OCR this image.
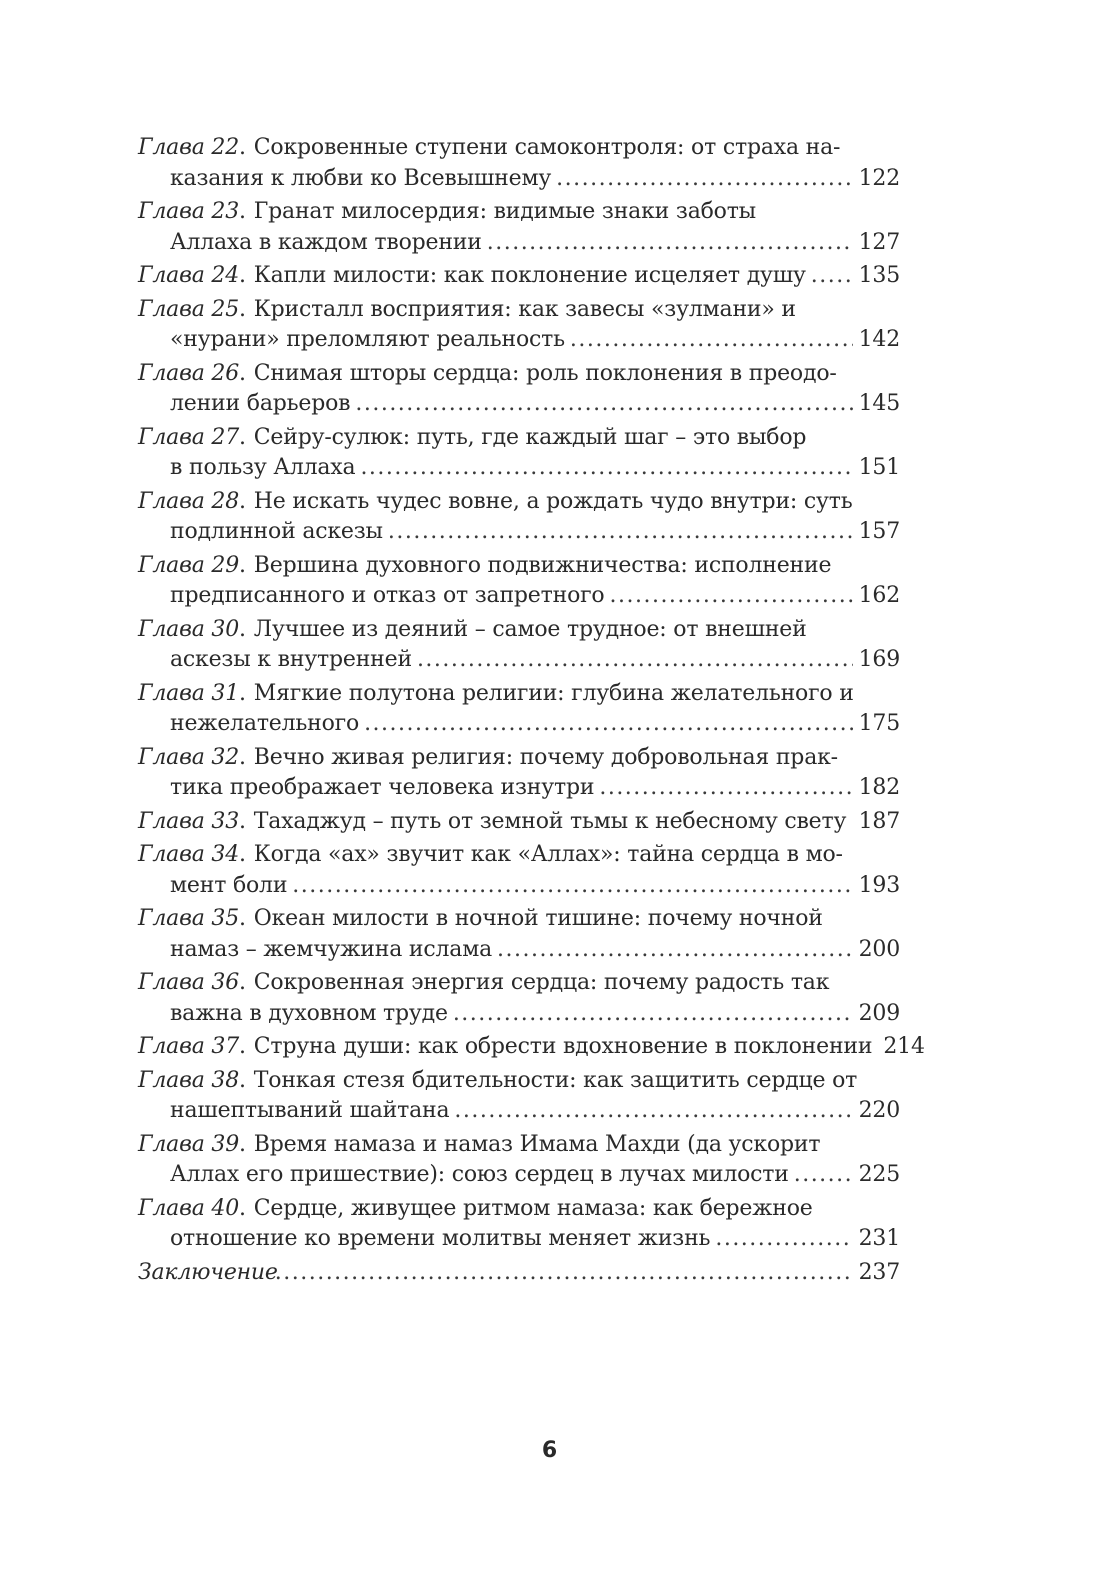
Глава 22 . Сокровенные ступени самоконтроля: от страха на-
казания к любви ко Всевышнему .....	122
Глава 23 . Гранат милосердия: видимые знаки заботы
Аллаха в каждом творении .....	127
Глава 24 . Капли милости: как поклонение исцеляет душу ..... 135
Глава 25 . Кристалл восприятия: как завесы «зулмани» и
«нурани» преломляют реальность .....	142
Глава 26 . Снимая шторы сердца: роль поклонения в преодо-
лении барьеров .....	145
Глава 27 . Сейру-сулюк: путь, где каждый шаг – это выбор
в пользу Аллаха .....	151
Глава 28 . Не искать чудес вовне, а рождать чудо внутри: суть
подлинной аскезы .....	157
Глава 29 . Вершина духовного подвижничества: исполнение
предписанного и отказ от запретного .....	162
Глава 30 . Лучшее из деяний – самое трудное: от внешней
аскезы к внутренней .....	169
Глава 31 . Мягкие полутона религии: глубина желательного и
нежелательного .....	175
Глава 32 . Вечно живая религия: почему добровольная прак-
тика преображает человека изнутри .....	182
Глава 33 . Тахаджуд – путь от земной тьмы к небесному свету ..... 187
Глава 34 . Когда «ах» звучит как «Аллах»: тайна сердца в мо-
мент боли .....	193
Глава 35 . Океан милости в ночной тишине: почему ночной
намаз – жемчужина ислама .....	200
Глава 36 . Сокровенная энергия сердца: почему радость так
важна в духовном труде .....	209
Глава 37 . Струна души: как обрести вдохновение в поклонении 214
Глава 38 . Тонкая стезя бдительности: как защитить сердце от
нашептываний шайтана .....	220
Глава 39 . Время намаза и намаз Имама Махди (да ускорит
Аллах его пришествие): союз сердец в лучах милости .....	225
Глава 40 . Сердце, живущее ритмом намаза: как бережное
отношение ко времени молитвы меняет жизнь .....	231
Заключение .....	237
6
